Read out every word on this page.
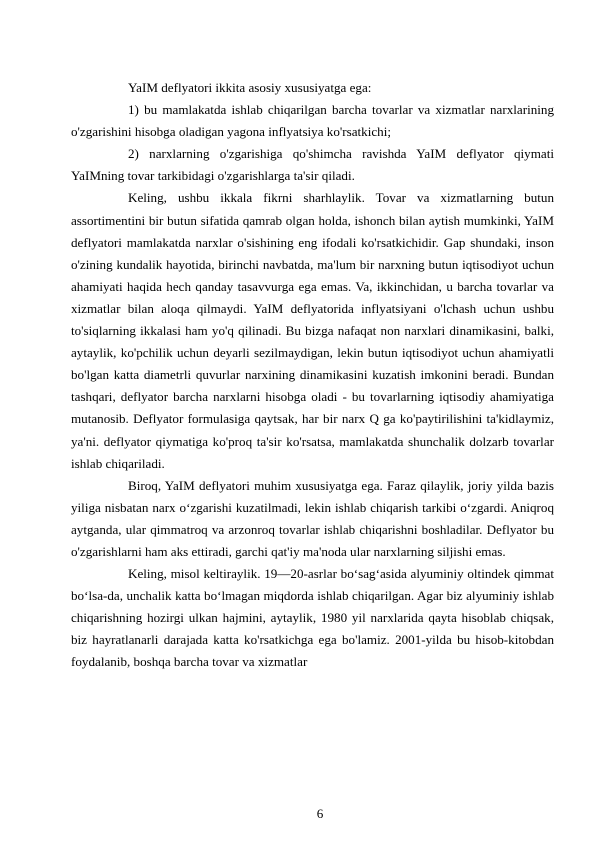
YaIM deflyatori ikkita asosiy xususiyatga ega:

1) bu mamlakatda ishlab chiqarilgan barcha tovarlar va xizmatlar narxlarining o'zgarishini hisobga oladigan yagona inflyatsiya ko'rsatkichi;

2) narxlarning o'zgarishiga qo'shimcha ravishda YaIM deflyator qiymati YaIMning tovar tarkibidagi o'zgarishlarga ta'sir qiladi.

Keling, ushbu ikkala fikrni sharhlaylik. Tovar va xizmatlarning butun assortimentini bir butun sifatida qamrab olgan holda, ishonch bilan aytish mumkinki, YaIM deflyatori mamlakatda narxlar o'sishining eng ifodali ko'rsatkichidir. Gap shundaki, inson o'zining kundalik hayotida, birinchi navbatda, ma'lum bir narxning butun iqtisodiyot uchun ahamiyati haqida hech qanday tasavvurga ega emas. Va, ikkinchidan, u barcha tovarlar va xizmatlar bilan aloqa qilmaydi. YaIM deflyatorida inflyatsiyani o'lchash uchun ushbu to'siqlarning ikkalasi ham yo'q qilinadi. Bu bizga nafaqat non narxlari dinamikasini, balki, aytaylik, ko'pchilik uchun deyarli sezilmaydigan, lekin butun iqtisodiyot uchun ahamiyatli bo'lgan katta diametrli quvurlar narxining dinamikasini kuzatish imkonini beradi. Bundan tashqari, deflyator barcha narxlarni hisobga oladi - bu tovarlarning iqtisodiy ahamiyatiga mutanosib. Deflyator formulasiga qaytsak, har bir narx Q ga ko'paytirilishini ta'kidlaymiz, ya'ni. deflyator qiymatiga ko'proq ta'sir ko'rsatsa, mamlakatda shunchalik dolzarb tovarlar ishlab chiqariladi.

Biroq, YaIM deflyatori muhim xususiyatga ega. Faraz qilaylik, joriy yilda bazis yiliga nisbatan narx o‘zgarishi kuzatilmadi, lekin ishlab chiqarish tarkibi o‘zgardi. Aniqroq aytganda, ular qimmatroq va arzonroq tovarlar ishlab chiqarishni boshladilar. Deflyator bu o'zgarishlarni ham aks ettiradi, garchi qat'iy ma'noda ular narxlarning siljishi emas.

Keling, misol keltiraylik. 19—20-asrlar bo‘sag‘asida alyuminiy oltindek qimmat bo‘lsa-da, unchalik katta bo‘lmagan miqdorda ishlab chiqarilgan. Agar biz alyuminiy ishlab chiqarishning hozirgi ulkan hajmini, aytaylik, 1980 yil narxlarida qayta hisoblab chiqsak, biz hayratlanarli darajada katta ko'rsatkichga ega bo'lamiz. 2001-yilda bu hisob-kitobdan foydalanib, boshqa barcha tovar va xizmatlar

6
